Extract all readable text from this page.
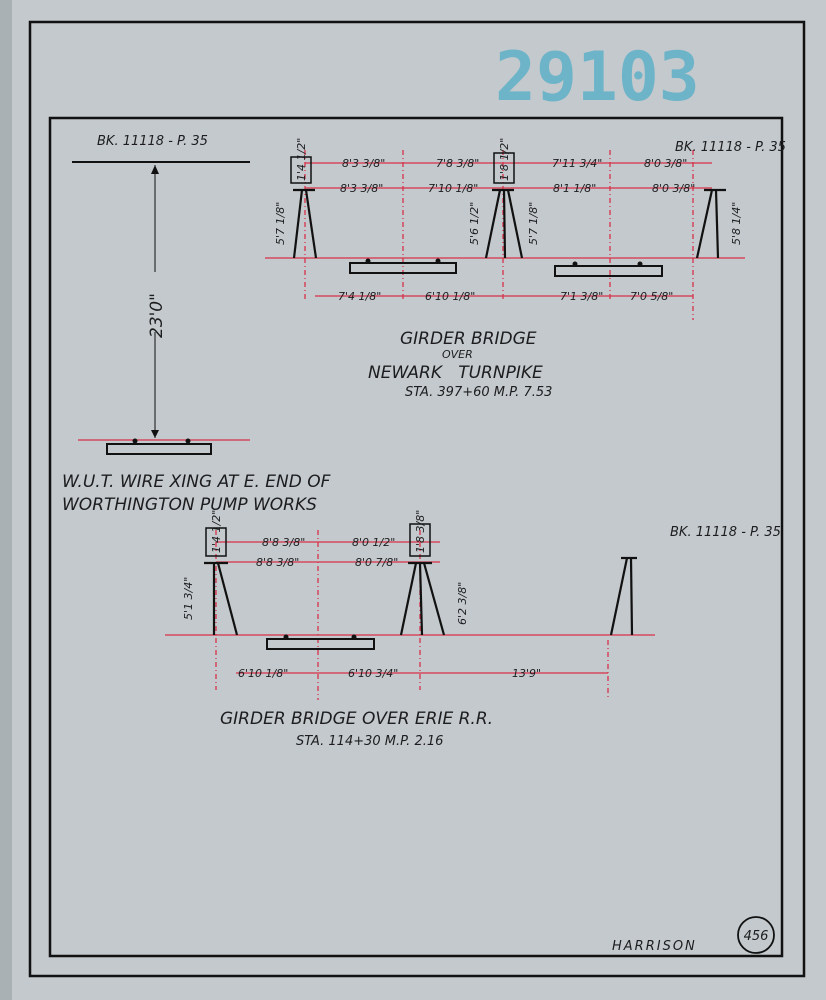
29103
BK. 11118 - P. 35
23'0"
W.U.T. WIRE XING AT E. END OF
WORTHINGTON PUMP WORKS
BK. 11118 - P. 35
8'3 3/8"	7'8 3/8"	7'11 3/4"	8'0 3/8"
8'3 3/8"	7'10 1/8"	8'1 1/8"	8'0 3/8"
7'4 1/8"	6'10 1/8"	7'1 3/8" 7'0 5/8"
5'7 1/8"	5'6 1/2"	5'7 1/8"	5'8 1/4"
1'4 1/2"	1'8 1/2"
GIRDER BRIDGE
OVER
NEWARK   TURNPIKE
STA. 397+60 M.P. 7.53
BK. 11118 - P. 35
8'8 3/8"	8'0 1/2"
8'8 3/8"	8'0 7/8"
6'10 1/8"	6'10 3/4"	13'9"
5'1 3/4"	6'2 3/8"
1'4 1/2"	1'8 3/8"
GIRDER BRIDGE OVER ERIE R.R.
STA. 114+30 M.P. 2.16
HARRISON
456
